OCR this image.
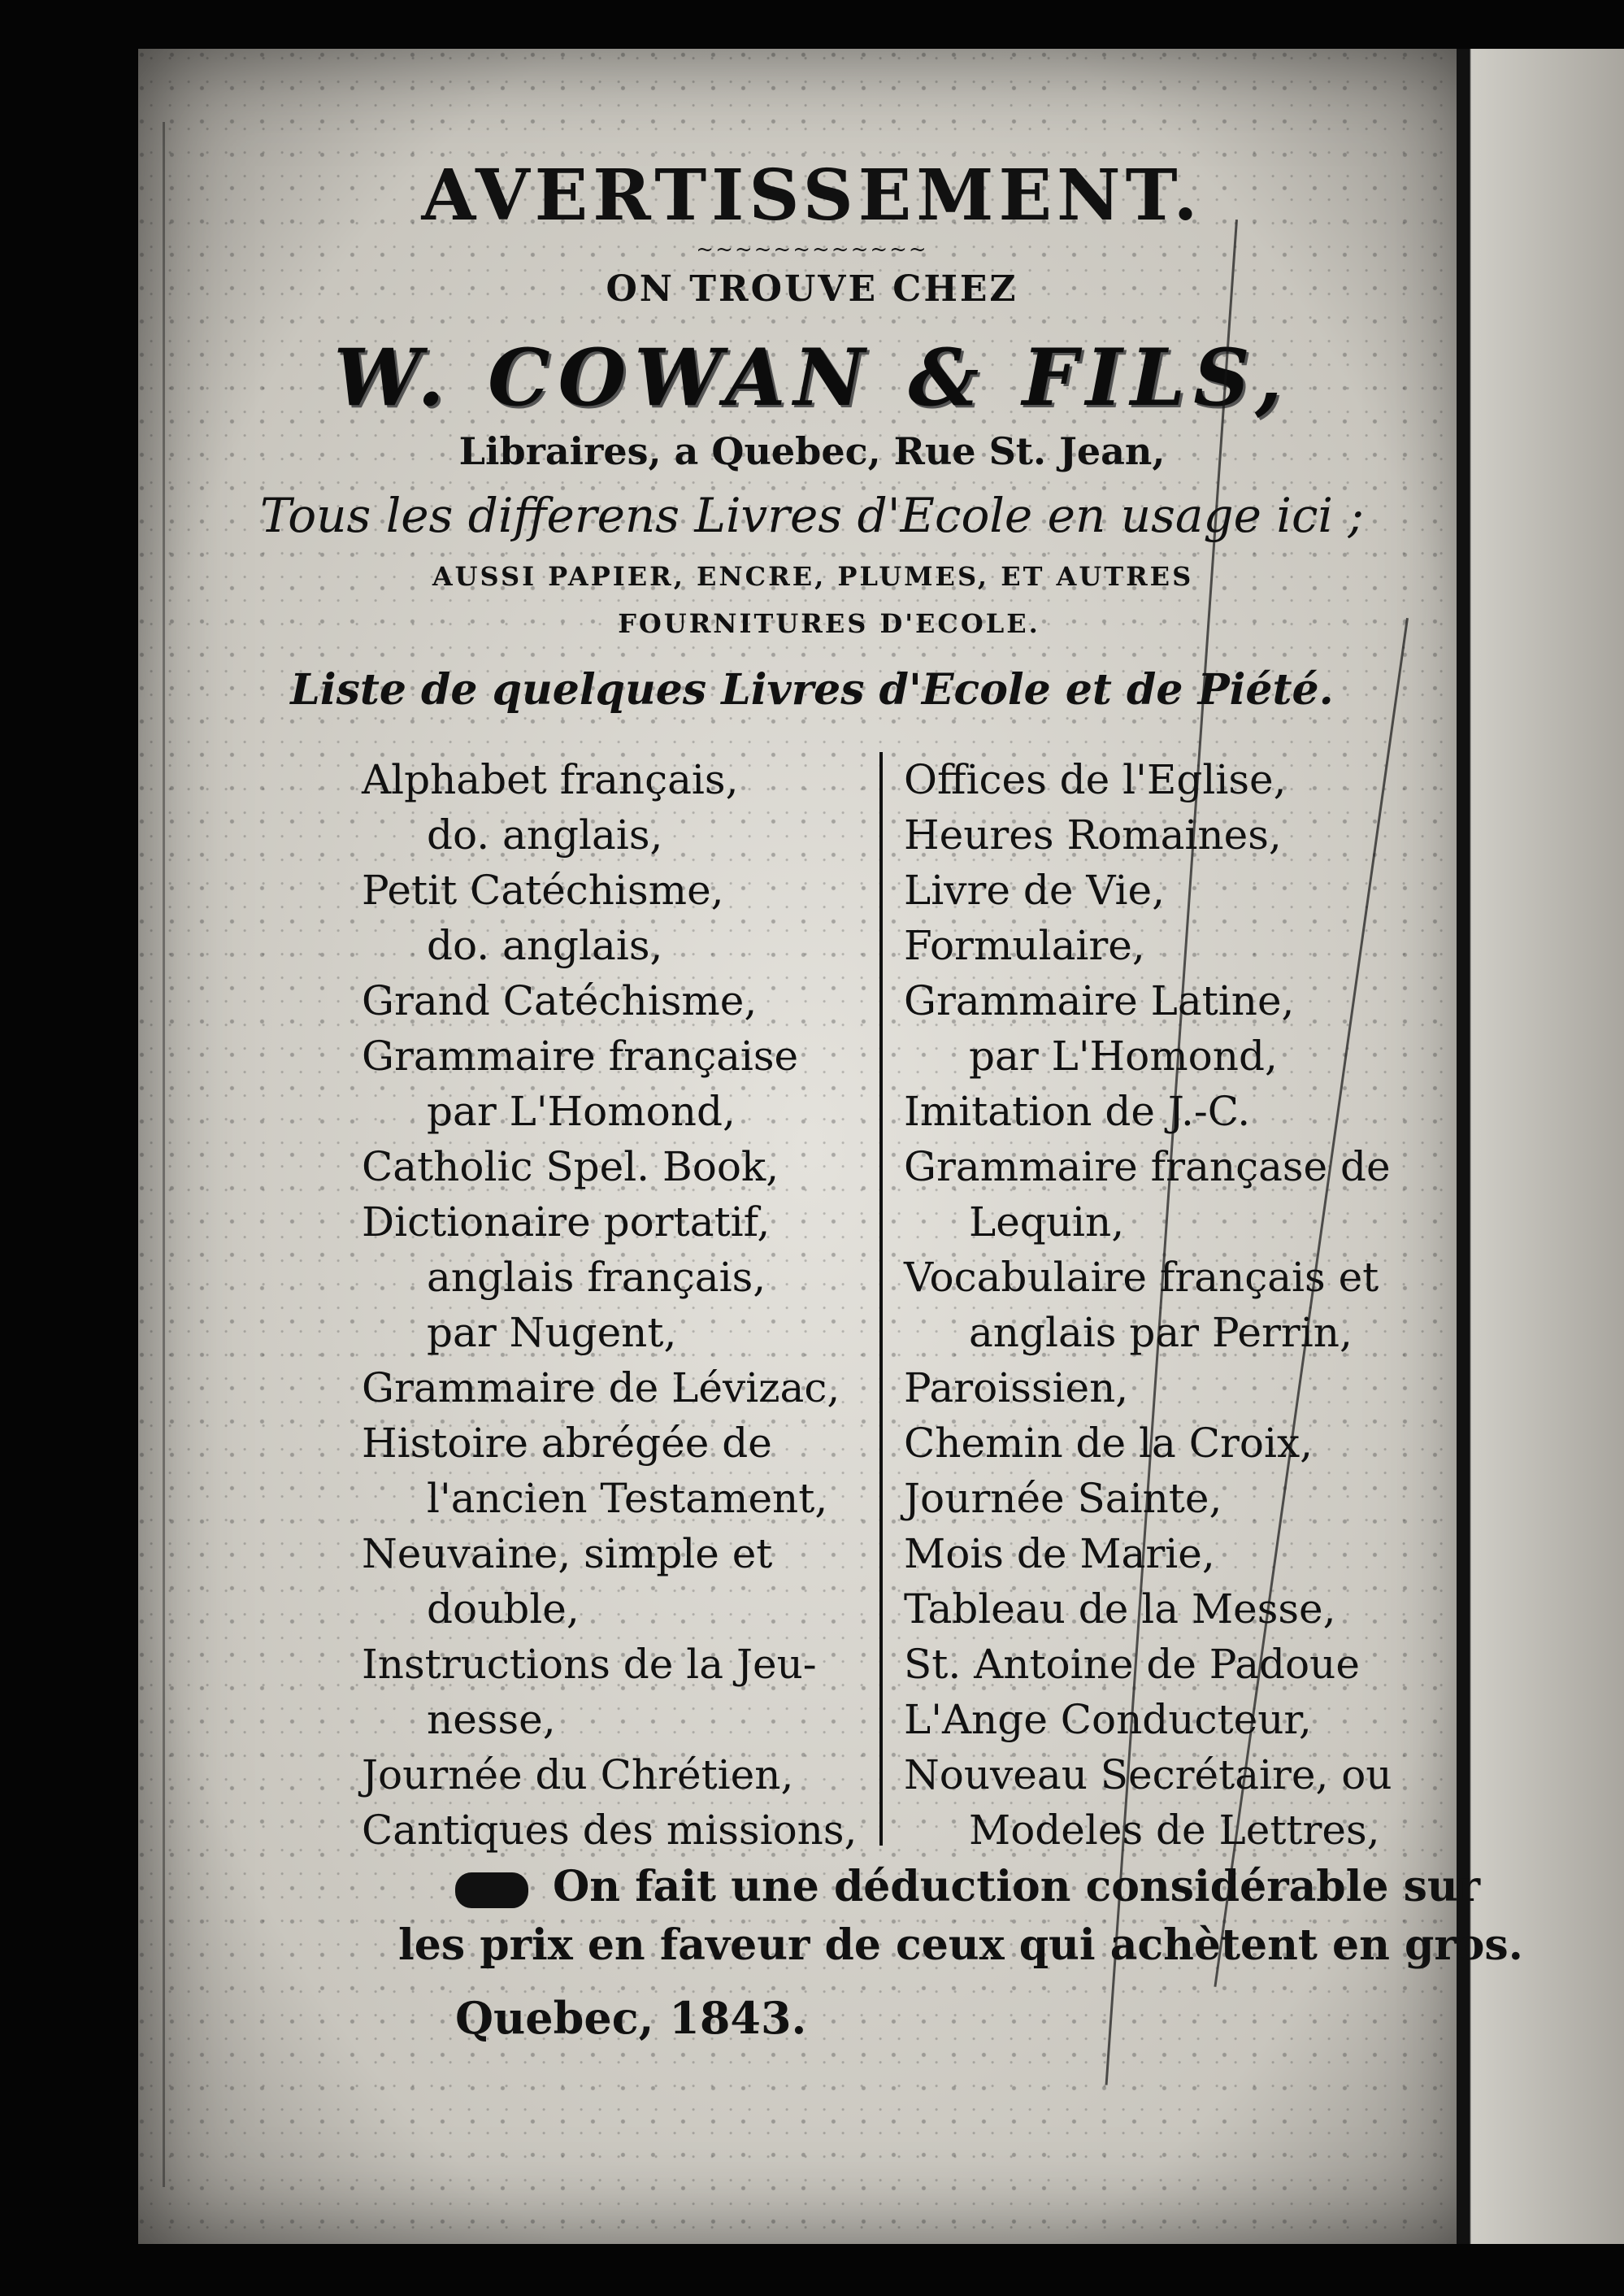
AVERTISSEMENT.
~~~~~~~~~~~~
ON TROUVE CHEZ
W. COWAN & FILS,
Libraires, a Quebec, Rue St. Jean,
Tous les differens Livres d'Ecole en usage ici ;
AUSSI PAPIER, ENCRE, PLUMES, ET AUTRES
FOURNITURES D'ECOLE.
Liste de quelques Livres d'Ecole et de Piété.
Alphabet français,
do. anglais,
Petit Catéchisme,
do. anglais,
Grand Catéchisme,
Grammaire française
par L'Homond,
Catholic Spel. Book,
Dictionaire portatif,
anglais français,
par Nugent,
Grammaire de Lévizac,
Histoire abrégée de
l'ancien Testament,
Neuvaine, simple et
double,
Instructions de la Jeu-
nesse,
Journée du Chrétien,
Cantiques des missions,
Offices de l'Eglise,
Heures Romaines,
Livre de Vie,
Formulaire,
Grammaire Latine,
par L'Homond,
Imitation de J.-C.
Grammaire françase de
Lequin,
Vocabulaire français et
anglais par Perrin,
Paroissien,
Chemin de la Croix,
Journée Sainte,
Mois de Marie,
Tableau de la Messe,
St. Antoine de Padoue
L'Ange Conducteur,
Nouveau Secrétaire, ou
Modeles de Lettres,
On fait une déduction considérable sur
les prix en faveur de ceux qui achètent en gros.
Quebec, 1843.
